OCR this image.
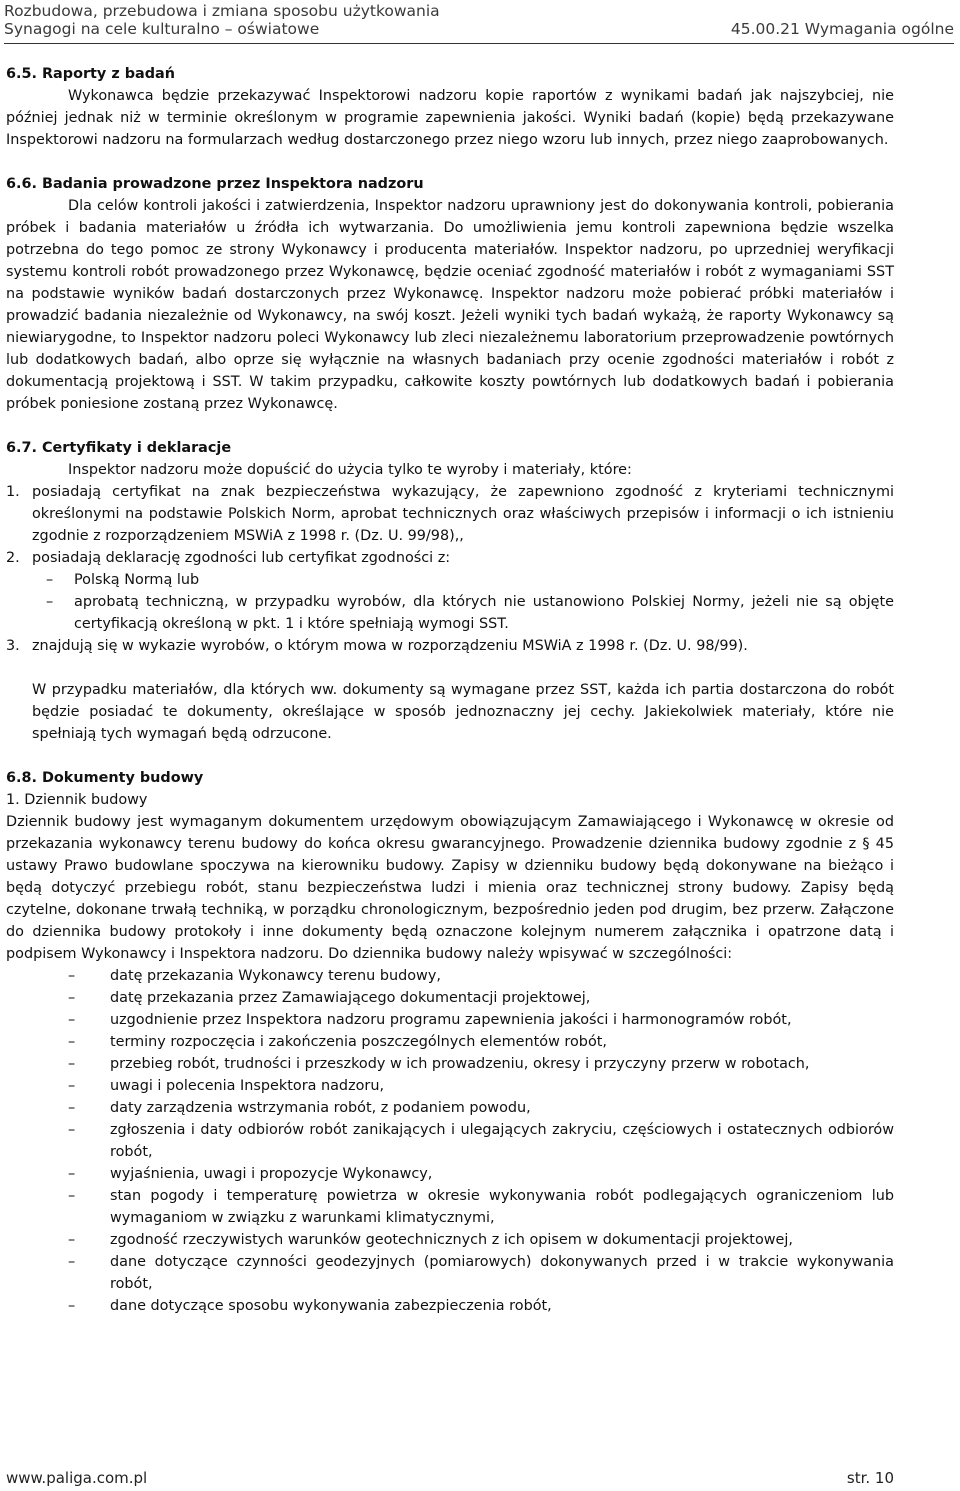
Rozbudowa, przebudowa i zmiana sposobu użytkowania
Synagogi na cele kulturalno – oświatowe	45.00.21 Wymagania ogólne
6.5. Raporty z badań

Wykonawca będzie przekazywać Inspektorowi nadzoru kopie raportów z wynikami badań jak najszybciej, nie później jednak niż w terminie określonym w programie zapewnienia jakości. Wyniki badań (kopie) będą przekazywane Inspektorowi nadzoru na formularzach według dostarczonego przez niego wzoru lub innych, przez niego zaaprobowanych.

6.6. Badania prowadzone przez Inspektora nadzoru

Dla celów kontroli jakości i zatwierdzenia, Inspektor nadzoru uprawniony jest do dokonywania kontroli, pobierania próbek i badania materiałów u źródła ich wytwarzania. Do umożliwienia jemu kontroli zapewniona będzie wszelka potrzebna do tego pomoc ze strony Wykonawcy i producenta materiałów. Inspektor nadzoru, po uprzedniej weryfikacji systemu kontroli robót prowadzonego przez Wykonawcę, będzie oceniać zgodność materiałów i robót z wymaganiami SST na podstawie wyników badań dostarczonych przez Wykonawcę. Inspektor nadzoru może pobierać próbki materiałów i prowadzić badania niezależnie od Wykonawcy, na swój koszt. Jeżeli wyniki tych badań wykażą, że raporty Wykonawcy są niewiarygodne, to Inspektor nadzoru poleci Wykonawcy lub zleci niezależnemu laboratorium przeprowadzenie powtórnych lub dodatkowych badań, albo oprze się wyłącznie na własnych badaniach przy ocenie zgodności materiałów i robót z dokumentacją projektową i SST. W takim przypadku, całkowite koszty powtórnych lub dodatkowych badań i pobierania próbek poniesione zostaną przez Wykonawcę.

6.7. Certyfikaty i deklaracje

Inspektor nadzoru może dopuścić do użycia tylko te wyroby i materiały, które:

1. posiadają certyfikat na znak bezpieczeństwa wykazujący, że zapewniono zgodność z kryteriami technicznymi określonymi na podstawie Polskich Norm, aprobat technicznych oraz właściwych przepisów i informacji o ich istnieniu zgodnie z rozporządzeniem MSWiA z 1998 r. (Dz. U. 99/98),,
2. posiadają deklarację zgodności lub certyfikat zgodności z:
– Polską Normą lub
– aprobatą techniczną, w przypadku wyrobów, dla których nie ustanowiono Polskiej Normy, jeżeli nie są objęte certyfikacją określoną w pkt. 1 i które spełniają wymogi SST.
3. znajdują się w wykazie wyrobów, o którym mowa w rozporządzeniu MSWiA z 1998 r. (Dz. U. 98/99).

W przypadku materiałów, dla których ww. dokumenty są wymagane przez SST, każda ich partia dostarczona do robót będzie posiadać te dokumenty, określające w sposób jednoznaczny jej cechy. Jakiekolwiek materiały, które nie spełniają tych wymagań będą odrzucone.

6.8. Dokumenty budowy

1. Dziennik budowy

Dziennik budowy jest wymaganym dokumentem urzędowym obowiązującym Zamawiającego i Wykonawcę w okresie od przekazania wykonawcy terenu budowy do końca okresu gwarancyjnego. Prowadzenie dziennika budowy zgodnie z § 45 ustawy Prawo budowlane spoczywa na kierowniku budowy. Zapisy w dzienniku budowy będą dokonywane na bieżąco i będą dotyczyć przebiegu robót, stanu bezpieczeństwa ludzi i mienia oraz technicznej strony budowy. Zapisy będą czytelne, dokonane trwałą techniką, w porządku chronologicznym, bezpośrednio jeden pod drugim, bez przerw. Załączone do dziennika budowy protokoły i inne dokumenty będą oznaczone kolejnym numerem załącznika i opatrzone datą i podpisem Wykonawcy i Inspektora nadzoru. Do dziennika budowy należy wpisywać w szczególności:

– datę przekazania Wykonawcy terenu budowy,
– datę przekazania przez Zamawiającego dokumentacji projektowej,
– uzgodnienie przez Inspektora nadzoru programu zapewnienia jakości i harmonogramów robót,
– terminy rozpoczęcia i zakończenia poszczególnych elementów robót,
– przebieg robót, trudności i przeszkody w ich prowadzeniu, okresy i przyczyny przerw w robotach,
– uwagi i polecenia Inspektora nadzoru,
– daty zarządzenia wstrzymania robót, z podaniem powodu,
– zgłoszenia i daty odbiorów robót zanikających i ulegających zakryciu, częściowych i ostatecznych odbiorów robót,
– wyjaśnienia, uwagi i propozycje Wykonawcy,
– stan pogody i temperaturę powietrza w okresie wykonywania robót podlegających ograniczeniom lub wymaganiom w związku z warunkami klimatycznymi,
– zgodność rzeczywistych warunków geotechnicznych z ich opisem w dokumentacji projektowej,
– dane dotyczące czynności geodezyjnych (pomiarowych) dokonywanych przed i w trakcie wykonywania robót,
– dane dotyczące sposobu wykonywania zabezpieczenia robót,
www.paliga.com.pl	str. 10
